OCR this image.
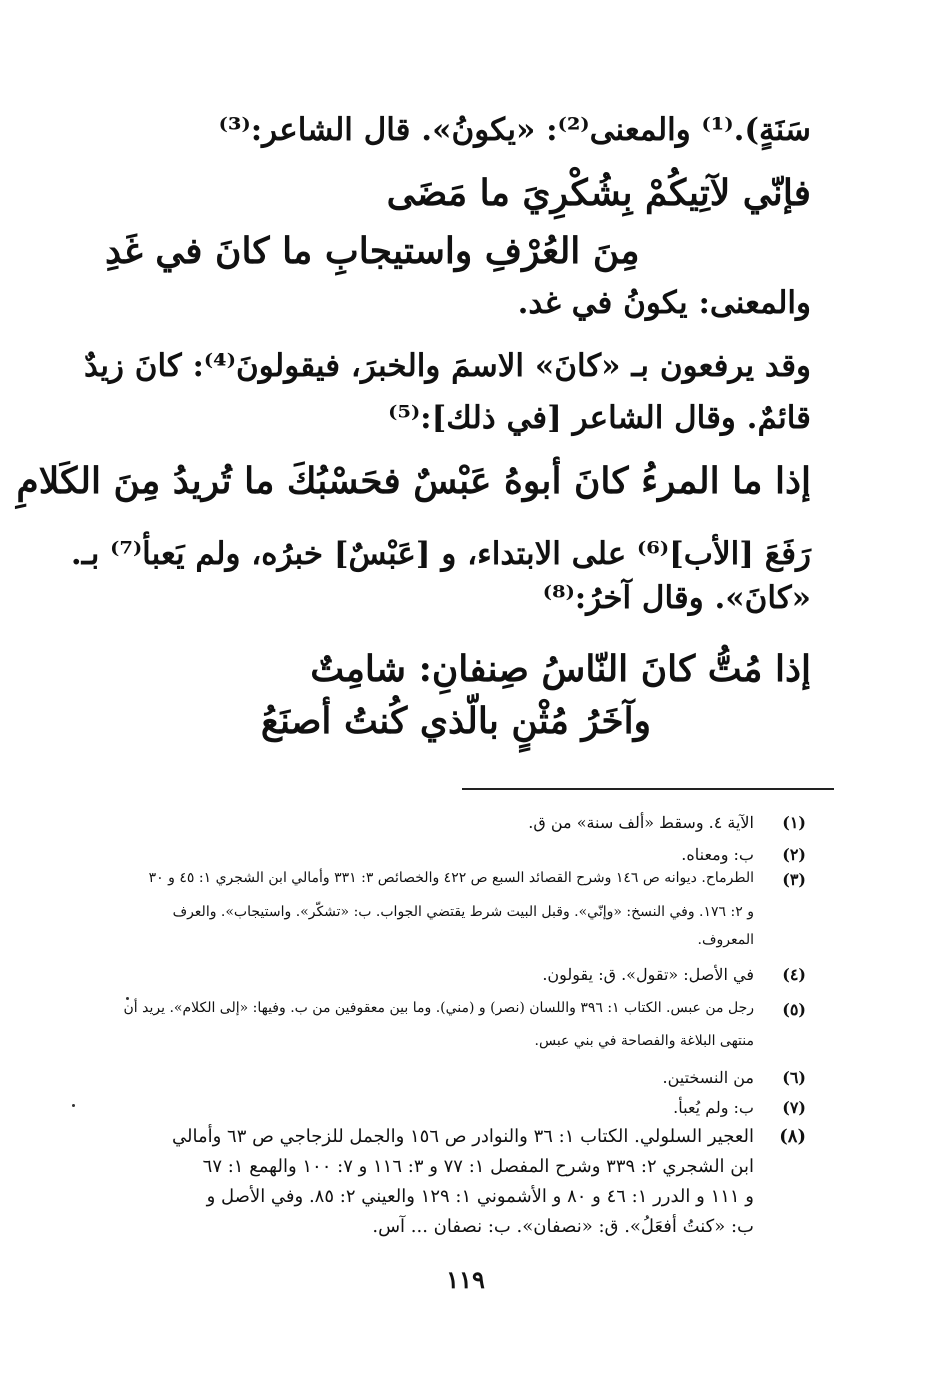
سَنَةٍ).⁽¹⁾ والمعنى⁽²⁾: «يكونُ». قال الشاعر:⁽³⁾
فإنّي لآتِيكُمْ بِشُكْرِيَ ما مَضَى
مِنَ العُرْفِ واستيجابِ ما كانَ في غَدِ
والمعنى: يكونُ في غد.
وقد يرفعون بـ «كانَ» الاسمَ والخبرَ، فيقولونَ⁽⁴⁾: كانَ زيدٌ
قائمٌ. وقال الشاعر [في ذلك]:⁽⁵⁾
إذا ما المرءُ كانَ أبوهُ عَبْسٌ فحَسْبُكَ ما تُريدُ مِنَ الكَلامِ
رَفَعَ [الأب]⁽⁶⁾ على الابتداء، و [عَبْسٌ] خبرُه، ولم يَعبأ⁽⁷⁾ بـ.
«كانَ». وقال آخرُ:⁽⁸⁾
إذا مُتُّ كانَ النّاسُ صِنفانِ: شامِتٌ
وآخَرُ مُثْنٍ بالّذي كُنتُ أصنَعُ
(١)
الآية ٤. وسقط «ألف سنة» من ق.
(٢)
ب: ومعناه.
(٣)
الطرماح. ديوانه ص ١٤٦ وشرح القصائد السبع ص ٤٢٢ والخصائص ٣: ٣٣١ وأمالي ابن الشجري ١: ٤٥ و ٣٠
و ٢: ١٧٦. وفي النسخ: «وإنّي». وقبل البيت شرط يقتضي الجواب. ب: «تشكّر». واستيجاب». والعرف
المعروف.
(٤)
في الأصل: «تقول». ق: يقولون.
(٥)
رجل من عبس. الكتاب ١: ٣٩٦ واللسان (نصر) و (مني). وما بين معقوفين من ب. وفيها: «إلى الكلام». يريد أن
منتهى البلاغة والفصاحة في بني عبس.
(٦)
من النسختين.
(٧)
ب: ولم يُعبأ.
(٨)
العجير السلولي. الكتاب ١: ٣٦ والنوادر ص ١٥٦ والجمل للزجاجي ص ٦٣ وأمالي
ابن الشجري ٢: ٣٣٩ وشرح المفصل ١: ٧٧ و ٣: ١١٦ و ٧: ١٠٠ والهمع ١: ٦٧
و ١١١ و الدرر ١: ٤٦ و ٨٠ و الأشموني ١: ١٢٩ والعيني ٢: ٨٥. وفي الأصل و
ب: «كنتُ أفعَلُ». ق: «نصفان». ب: نصفان ... آس.
١١٩
